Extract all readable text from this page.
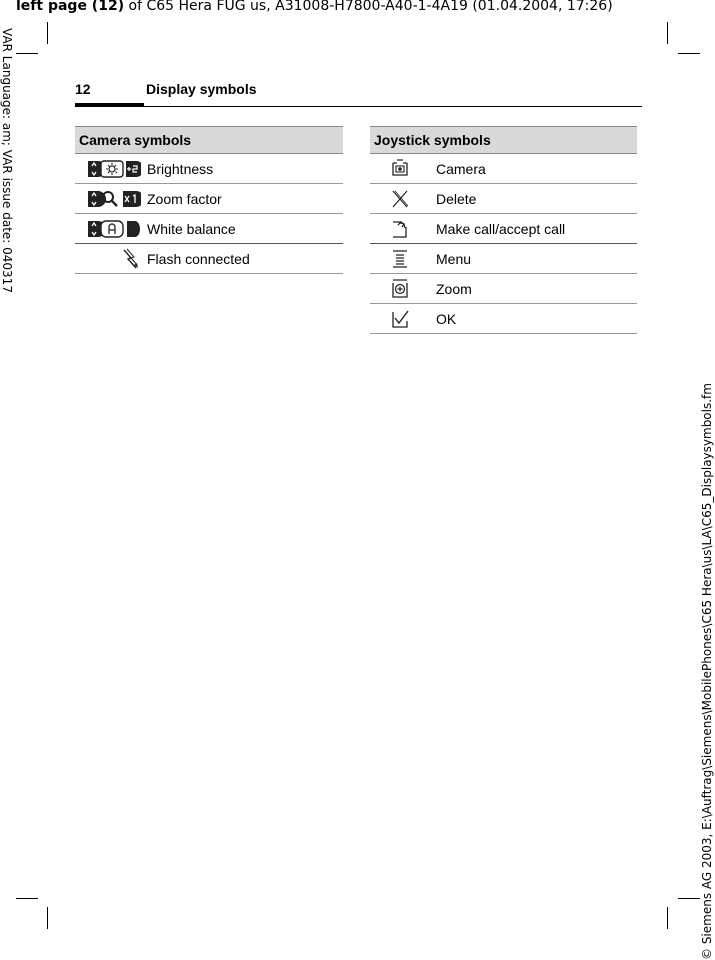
left page (12) of C65 Hera FUG us, A31008-H7800-A40-1-4A19 (01.04.2004, 17:26)
VAR Language: am; VAR issue date: 040317
© Siemens AG 2003, E:\Auftrag\Siemens\MobilePhones\C65 Hera\us\LA\C65_Displaysymbols.fm
12	Display symbols
Camera symbols	
	Brightness
	Zoom factor
	White balance
	Flash connected
Joystick symbols	
	Camera
	Delete
	Make call/accept call
	Menu
	Zoom
	OK
